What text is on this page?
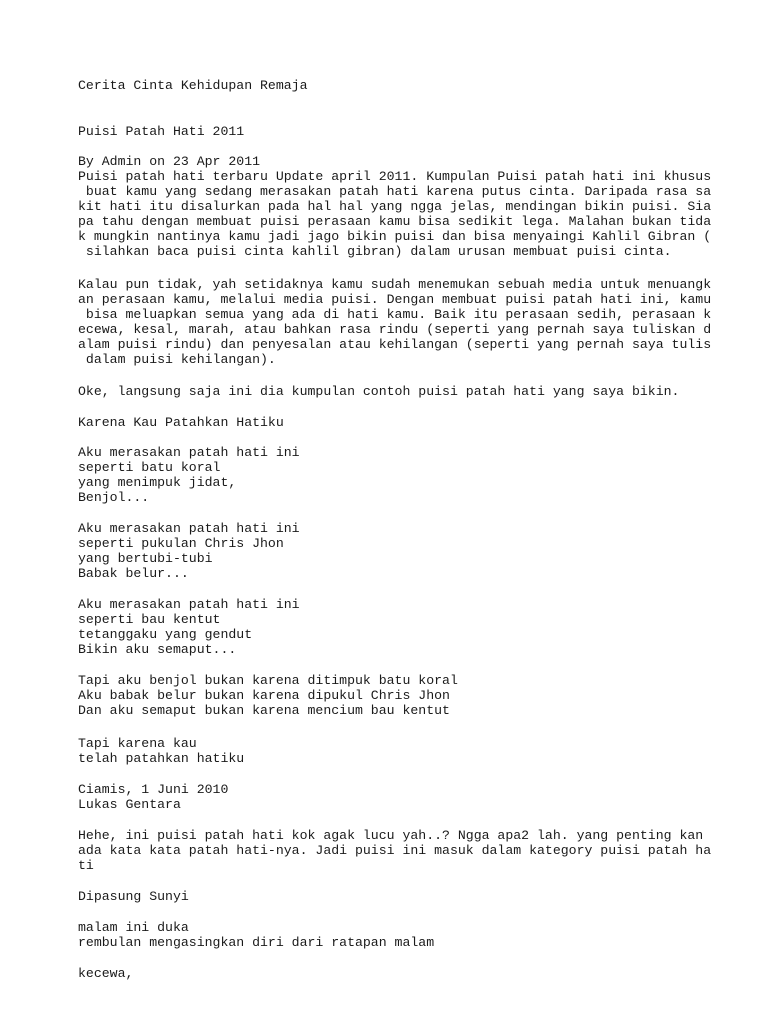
Cerita Cinta Kehidupan Remaja

Puisi Patah Hati 2011

By Admin on 23 Apr 2011

Puisi patah hati terbaru Update april 2011. Kumpulan Puisi patah hati ini khusus

buat kamu yang sedang merasakan patah hati karena putus cinta. Daripada rasa sa

kit hati itu disalurkan pada hal hal yang ngga jelas, mendingan bikin puisi. Sia

pa tahu dengan membuat puisi perasaan kamu bisa sedikit lega. Malahan bukan tida

k mungkin nantinya kamu jadi jago bikin puisi dan bisa menyaingi Kahlil Gibran (

silahkan baca puisi cinta kahlil gibran) dalam urusan membuat puisi cinta.

Kalau pun tidak, yah setidaknya kamu sudah menemukan sebuah media untuk menuangk

an perasaan kamu, melalui media puisi. Dengan membuat puisi patah hati ini, kamu

bisa meluapkan semua yang ada di hati kamu. Baik itu perasaan sedih, perasaan k

ecewa, kesal, marah, atau bahkan rasa rindu (seperti yang pernah saya tuliskan d

alam puisi rindu) dan penyesalan atau kehilangan (seperti yang pernah saya tulis

dalam puisi kehilangan).

Oke, langsung saja ini dia kumpulan contoh puisi patah hati yang saya bikin.

Karena Kau Patahkan Hatiku

Aku merasakan patah hati ini

seperti batu koral

yang menimpuk jidat,

Benjol...

Aku merasakan patah hati ini

seperti pukulan Chris Jhon

yang bertubi-tubi

Babak belur...

Aku merasakan patah hati ini

seperti bau kentut

tetanggaku yang gendut

Bikin aku semaput...

Tapi aku benjol bukan karena ditimpuk batu koral

Aku babak belur bukan karena dipukul Chris Jhon

Dan aku semaput bukan karena mencium bau kentut

Tapi karena kau

telah patahkan hatiku

Ciamis, 1 Juni 2010

Lukas Gentara

Hehe, ini puisi patah hati kok agak lucu yah..? Ngga apa2 lah. yang penting kan

ada kata kata patah hati-nya. Jadi puisi ini masuk dalam kategory puisi patah ha

ti

Dipasung Sunyi

malam ini duka

rembulan mengasingkan diri dari ratapan malam

kecewa,
